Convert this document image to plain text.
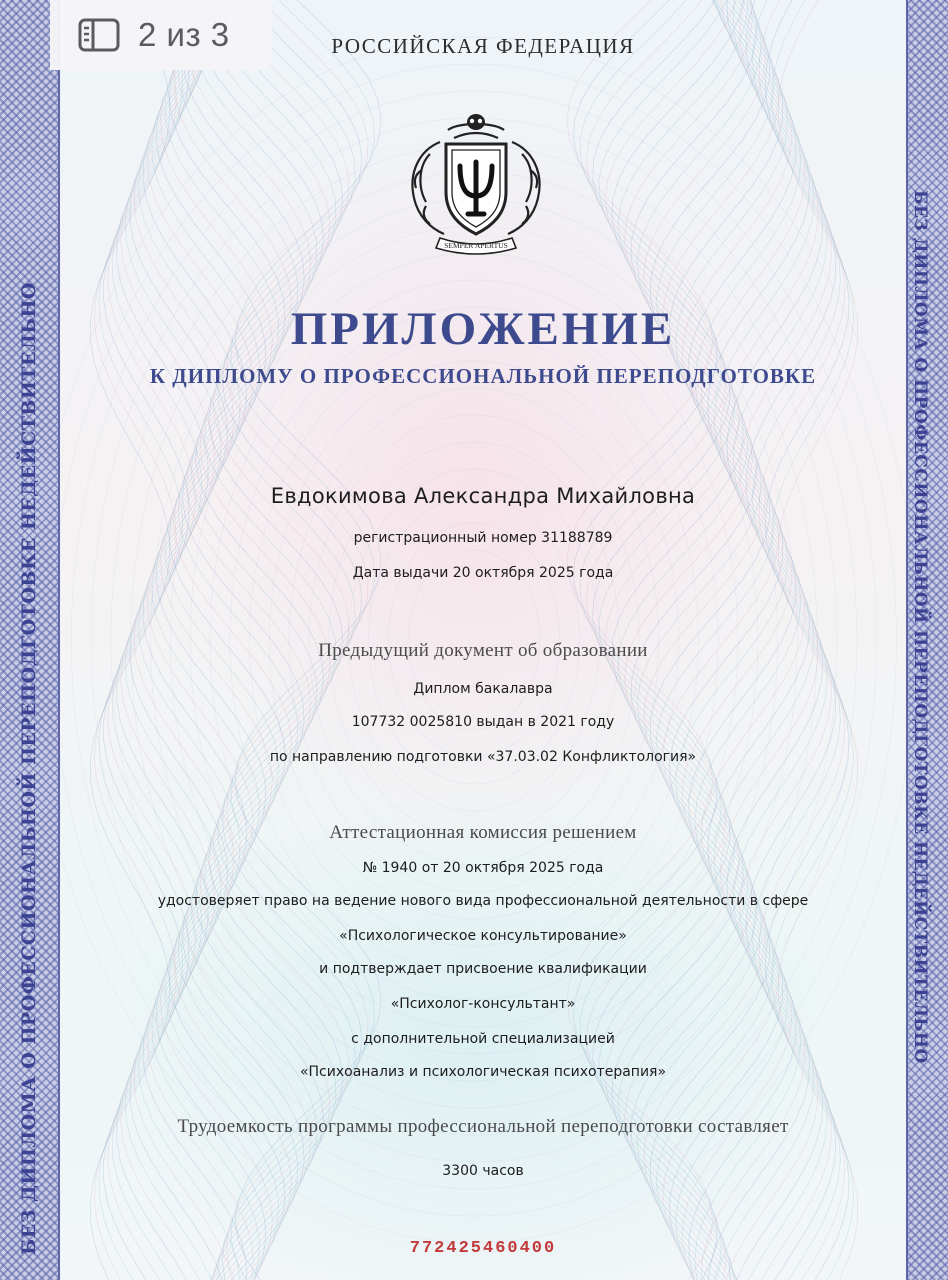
БЕЗ ДИПЛОМА О ПРОФЕССИОНАЛЬНОЙ ПЕРЕПОДГОТОВКЕ НЕДЕЙСТВИТЕЛЬНО	БЕЗ ДИПЛОМА О ПРОФЕССИОНАЛЬНОЙ ПЕРЕПОДГОТОВКЕ НЕДЕЙСТВИТЕЛЬНО
2 из 3	РОССИЙСКАЯ ФЕДЕРАЦИЯ
SEMPER APERTUS
ПРИЛОЖЕНИЕ
К ДИПЛОМУ О ПРОФЕССИОНАЛЬНОЙ ПЕРЕПОДГОТОВКЕ
Евдокимова Александра Михайловна
регистрационный номер 31188789
Дата выдачи 20 октября 2025 года
Предыдущий документ об образовании
Диплом бакалавра
107732 0025810 выдан в 2021 году
по направлению подготовки «37.03.02 Конфликтология»
Аттестационная комиссия решением
№ 1940 от 20 октября 2025 года
удостоверяет право на ведение нового вида профессиональной деятельности в сфере
«Психологическое консультирование»
и подтверждает присвоение квалификации
«Психолог-консультант»
с дополнительной специализацией
«Психоанализ и психологическая психотерапия»
Трудоемкость программы профессиональной переподготовки составляет
3300 часов
772425460400
